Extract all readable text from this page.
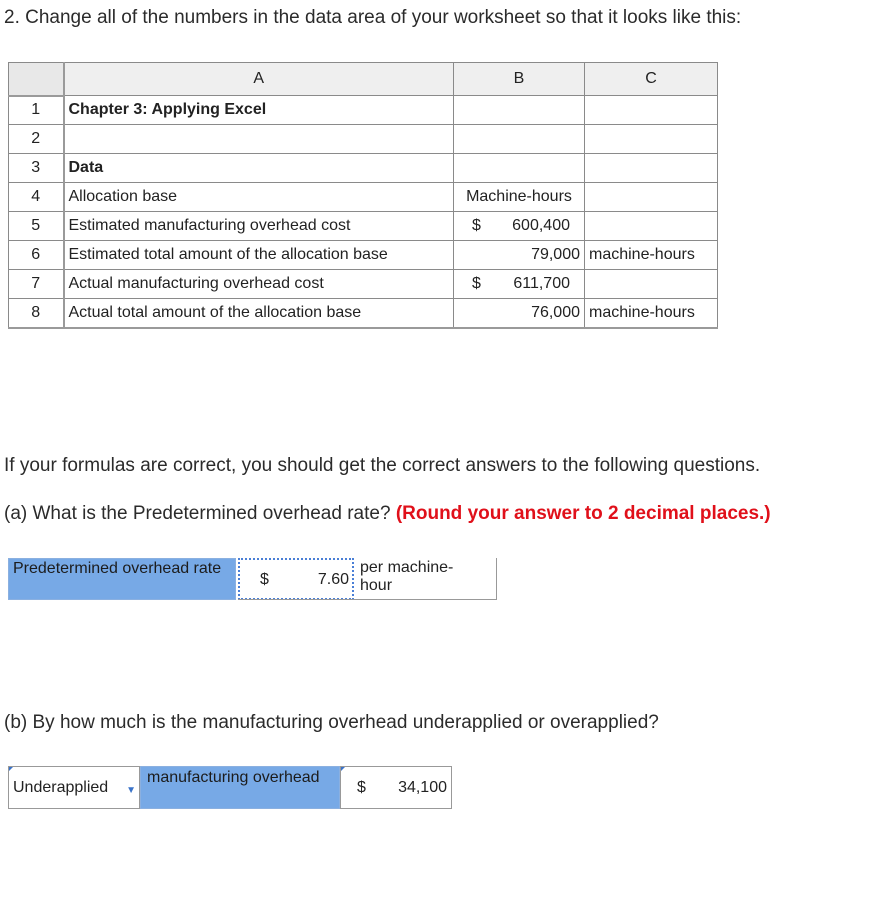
2. Change all of the numbers in the data area of your worksheet so that it looks like this:
	A	B	C
1	Chapter 3: Applying Excel		
2			
3	Data		
4	Allocation base	Machine-hours	
5	Estimated manufacturing overhead cost	$ 600,400	

6	Estimated total amount of the allocation base	79,000	machine-hours
7	Actual manufacturing overhead cost	$ 611,700	

8	Actual total amount of the allocation base	76,000	machine-hours
If your formulas are correct, you should get the correct answers to the following questions.
(a) What is the Predetermined overhead rate? (Round your answer to 2 decimal places.)
Predetermined overhead rate
$	7.60
per machine-hour
(b) By how much is the manufacturing overhead underapplied or overapplied?
Underapplied ▼
manufacturing overhead
$ 34,100
